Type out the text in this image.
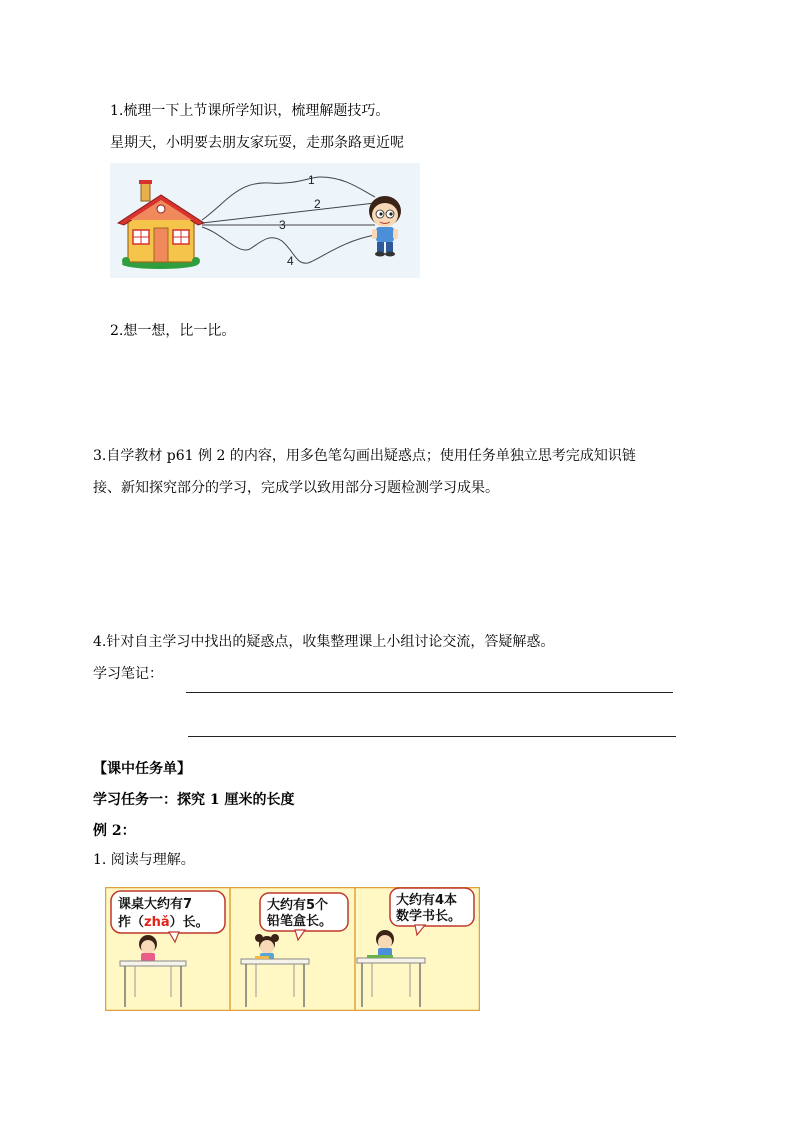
1.梳理一下上节课所学知识，梳理解题技巧。
星期天，小明要去朋友家玩耍，走那条路更近呢
1
2
3
4
2.想一想，比一比。
3.自学教材 p61 例 2 的内容，用多色笔勾画出疑惑点；使用任务单独立思考完成知识链
接、新知探究部分的学习，完成学以致用部分习题检测学习成果。
4.针对自主学习中找出的疑惑点，收集整理课上小组讨论交流，答疑解惑。
学习笔记：
【课中任务单】
学习任务一：探究 1 厘米的长度
例 2：
1. 阅读与理解。
课桌大约有7
拃（zhǎ）长。
大约有5个
铅笔盒长。
大约有4本
数学书长。
